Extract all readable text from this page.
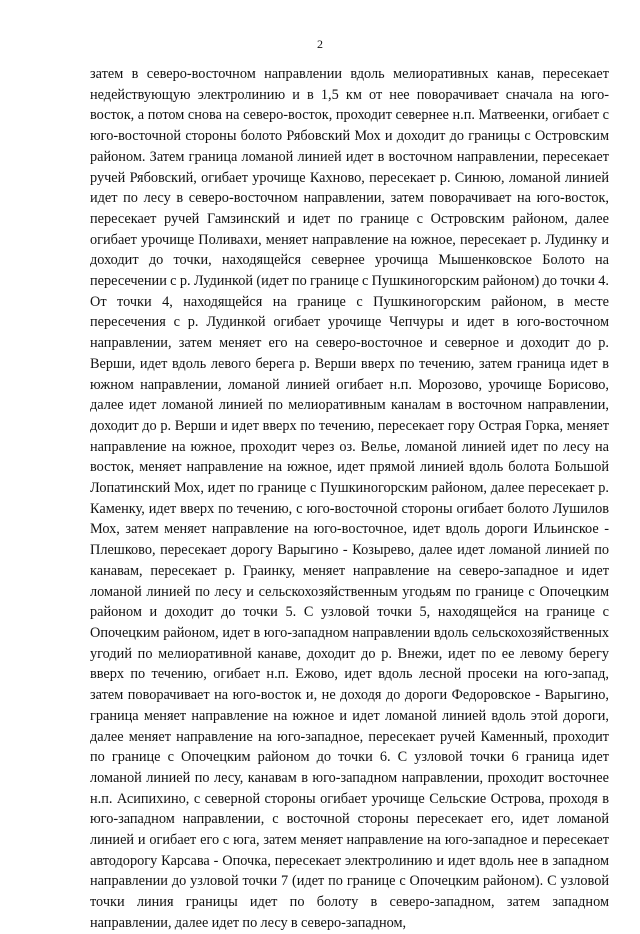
2

затем в северо-восточном направлении вдоль мелиоративных канав, пересекает недействующую электролинию и в 1,5 км от нее поворачивает сначала на юго-восток, а потом снова на северо-восток, проходит севернее н.п. Матвеенки, огибает с юго-восточной стороны болото Рябовский Мох и доходит до границы с Островским районом. Затем граница ломаной линией идет в восточном направлении, пересекает ручей Рябовский, огибает урочище Кахново, пересекает р. Синюю, ломаной линией идет по лесу в северо-восточном направлении, затем поворачивает на юго-восток, пересекает ручей Гамзинский и идет по границе с Островским районом, далее огибает урочище Поливахи, меняет направление на южное, пересекает р. Лудинку и доходит до точки, находящейся севернее урочища Мышенковское Болото на пересечении с р. Лудинкой (идет по границе с Пушкиногорским районом) до точки 4. От точки 4, находящейся на границе с Пушкиногорским районом, в месте пересечения с р. Лудинкой огибает урочище Чепчуры и идет в юго-восточном направлении, затем меняет его на северо-восточное и северное и доходит до р. Верши, идет вдоль левого берега р. Верши вверх по течению, затем граница идет в южном направлении, ломаной линией огибает н.п. Морозово, урочище Борисово, далее идет ломаной линией по мелиоративным каналам в восточном направлении, доходит до р. Верши и идет вверх по течению, пересекает гору Острая Горка, меняет направление на южное, проходит через оз. Велье, ломаной линией идет по лесу на восток, меняет направление на южное, идет прямой линией вдоль болота Большой Лопатинский Мох, идет по границе с Пушкиногорским районом, далее пересекает р. Каменку, идет вверх по течению, с юго-восточной стороны огибает болото Лушилов Мох, затем меняет направление на юго-восточное, идет вдоль дороги Ильинское - Плешково, пересекает дорогу Варыгино - Козырево, далее идет ломаной линией по канавам, пересекает р. Граинку, меняет направление на северо-западное и идет ломаной линией по лесу и сельскохозяйственным угодьям по границе с Опочецким районом и доходит до точки 5. С узловой точки 5, находящейся на границе с Опочецким районом, идет в юго-западном направлении вдоль сельскохозяйственных угодий по мелиоративной канаве, доходит до р. Внежи, идет по ее левому берегу вверх по течению, огибает н.п. Ежово, идет вдоль лесной просеки на юго-запад, затем поворачивает на юго-восток и, не доходя до дороги Федоровское - Варыгино, граница меняет направление на южное и идет ломаной линией вдоль этой дороги, далее меняет направление на юго-западное, пересекает ручей Каменный, проходит по границе с Опочецким районом до точки 6. С узловой точки 6 граница идет ломаной линией по лесу, канавам в юго-западном направлении, проходит восточнее н.п. Асипихино, с северной стороны огибает урочище Сельские Острова, проходя в юго-западном направлении, с восточной стороны пересекает его, идет ломаной линией и огибает его с юга, затем меняет направление на юго-западное и пересекает автодорогу Карсава - Опочка, пересекает электролинию и идет вдоль нее в западном направлении до узловой точки 7 (идет по границе с Опочецким районом). С узловой точки линия границы идет по болоту в северо-западном, затем западном направлении, далее идет по лесу в северо-западном,
